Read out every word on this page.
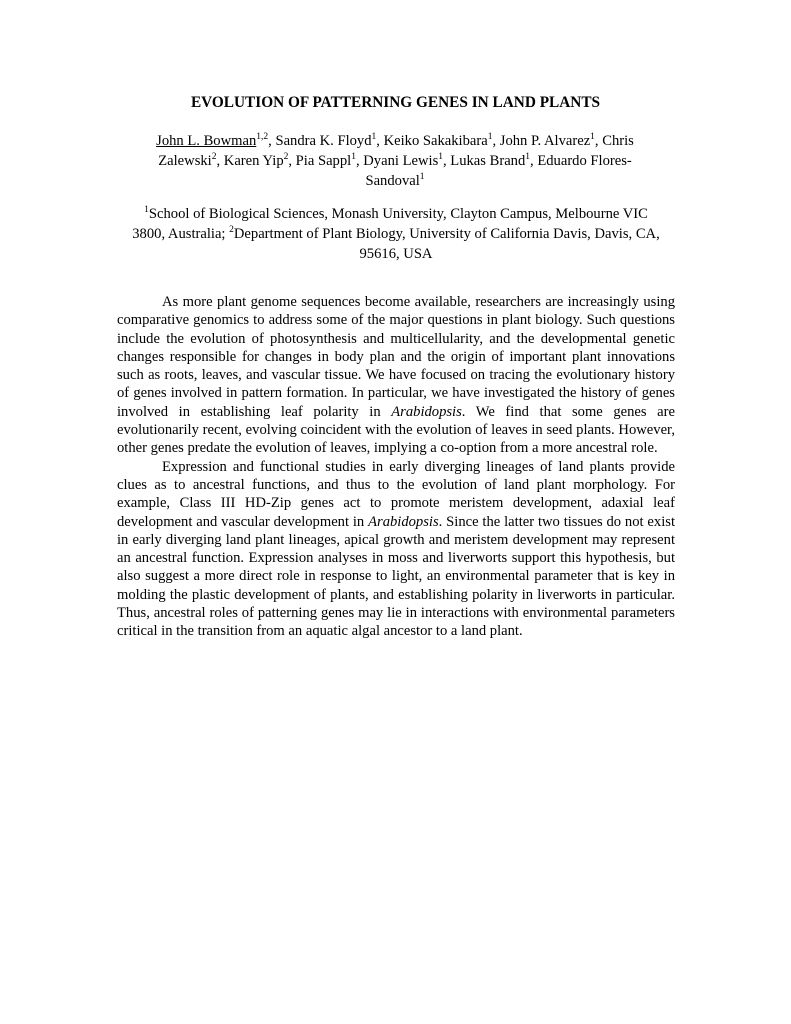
EVOLUTION OF PATTERNING GENES IN LAND PLANTS
John L. Bowman$^{1,2}$, Sandra K. Floyd$^1$, Keiko Sakakibara$^1$, John P. Alvarez$^1$, Chris Zalewski$^2$, Karen Yip$^2$, Pia Sappl$^1$, Dyani Lewis$^1$, Lukas Brand$^1$, Eduardo Flores-Sandoval$^1$
$^1$School of Biological Sciences, Monash University, Clayton Campus, Melbourne VIC 3800, Australia; $^2$Department of Plant Biology, University of California Davis, Davis, CA, 95616, USA

As more plant genome sequences become available, researchers are increasingly using comparative genomics to address some of the major questions in plant biology. Such questions include the evolution of photosynthesis and multicellularity, and the developmental genetic changes responsible for changes in body plan and the origin of important plant innovations such as roots, leaves, and vascular tissue. We have focused on tracing the evolutionary history of genes involved in pattern formation. In particular, we have investigated the history of genes involved in establishing leaf polarity in Arabidopsis. We find that some genes are evolutionarily recent, evolving coincident with the evolution of leaves in seed plants. However, other genes predate the evolution of leaves, implying a co-option from a more ancestral role.

Expression and functional studies in early diverging lineages of land plants provide clues as to ancestral functions, and thus to the evolution of land plant morphology. For example, Class III HD-Zip genes act to promote meristem development, adaxial leaf development and vascular development in Arabidopsis. Since the latter two tissues do not exist in early diverging land plant lineages, apical growth and meristem development may represent an ancestral function. Expression analyses in moss and liverworts support this hypothesis, but also suggest a more direct role in response to light, an environmental parameter that is key in molding the plastic development of plants, and establishing polarity in liverworts in particular. Thus, ancestral roles of patterning genes may lie in interactions with environmental parameters critical in the transition from an aquatic algal ancestor to a land plant.
